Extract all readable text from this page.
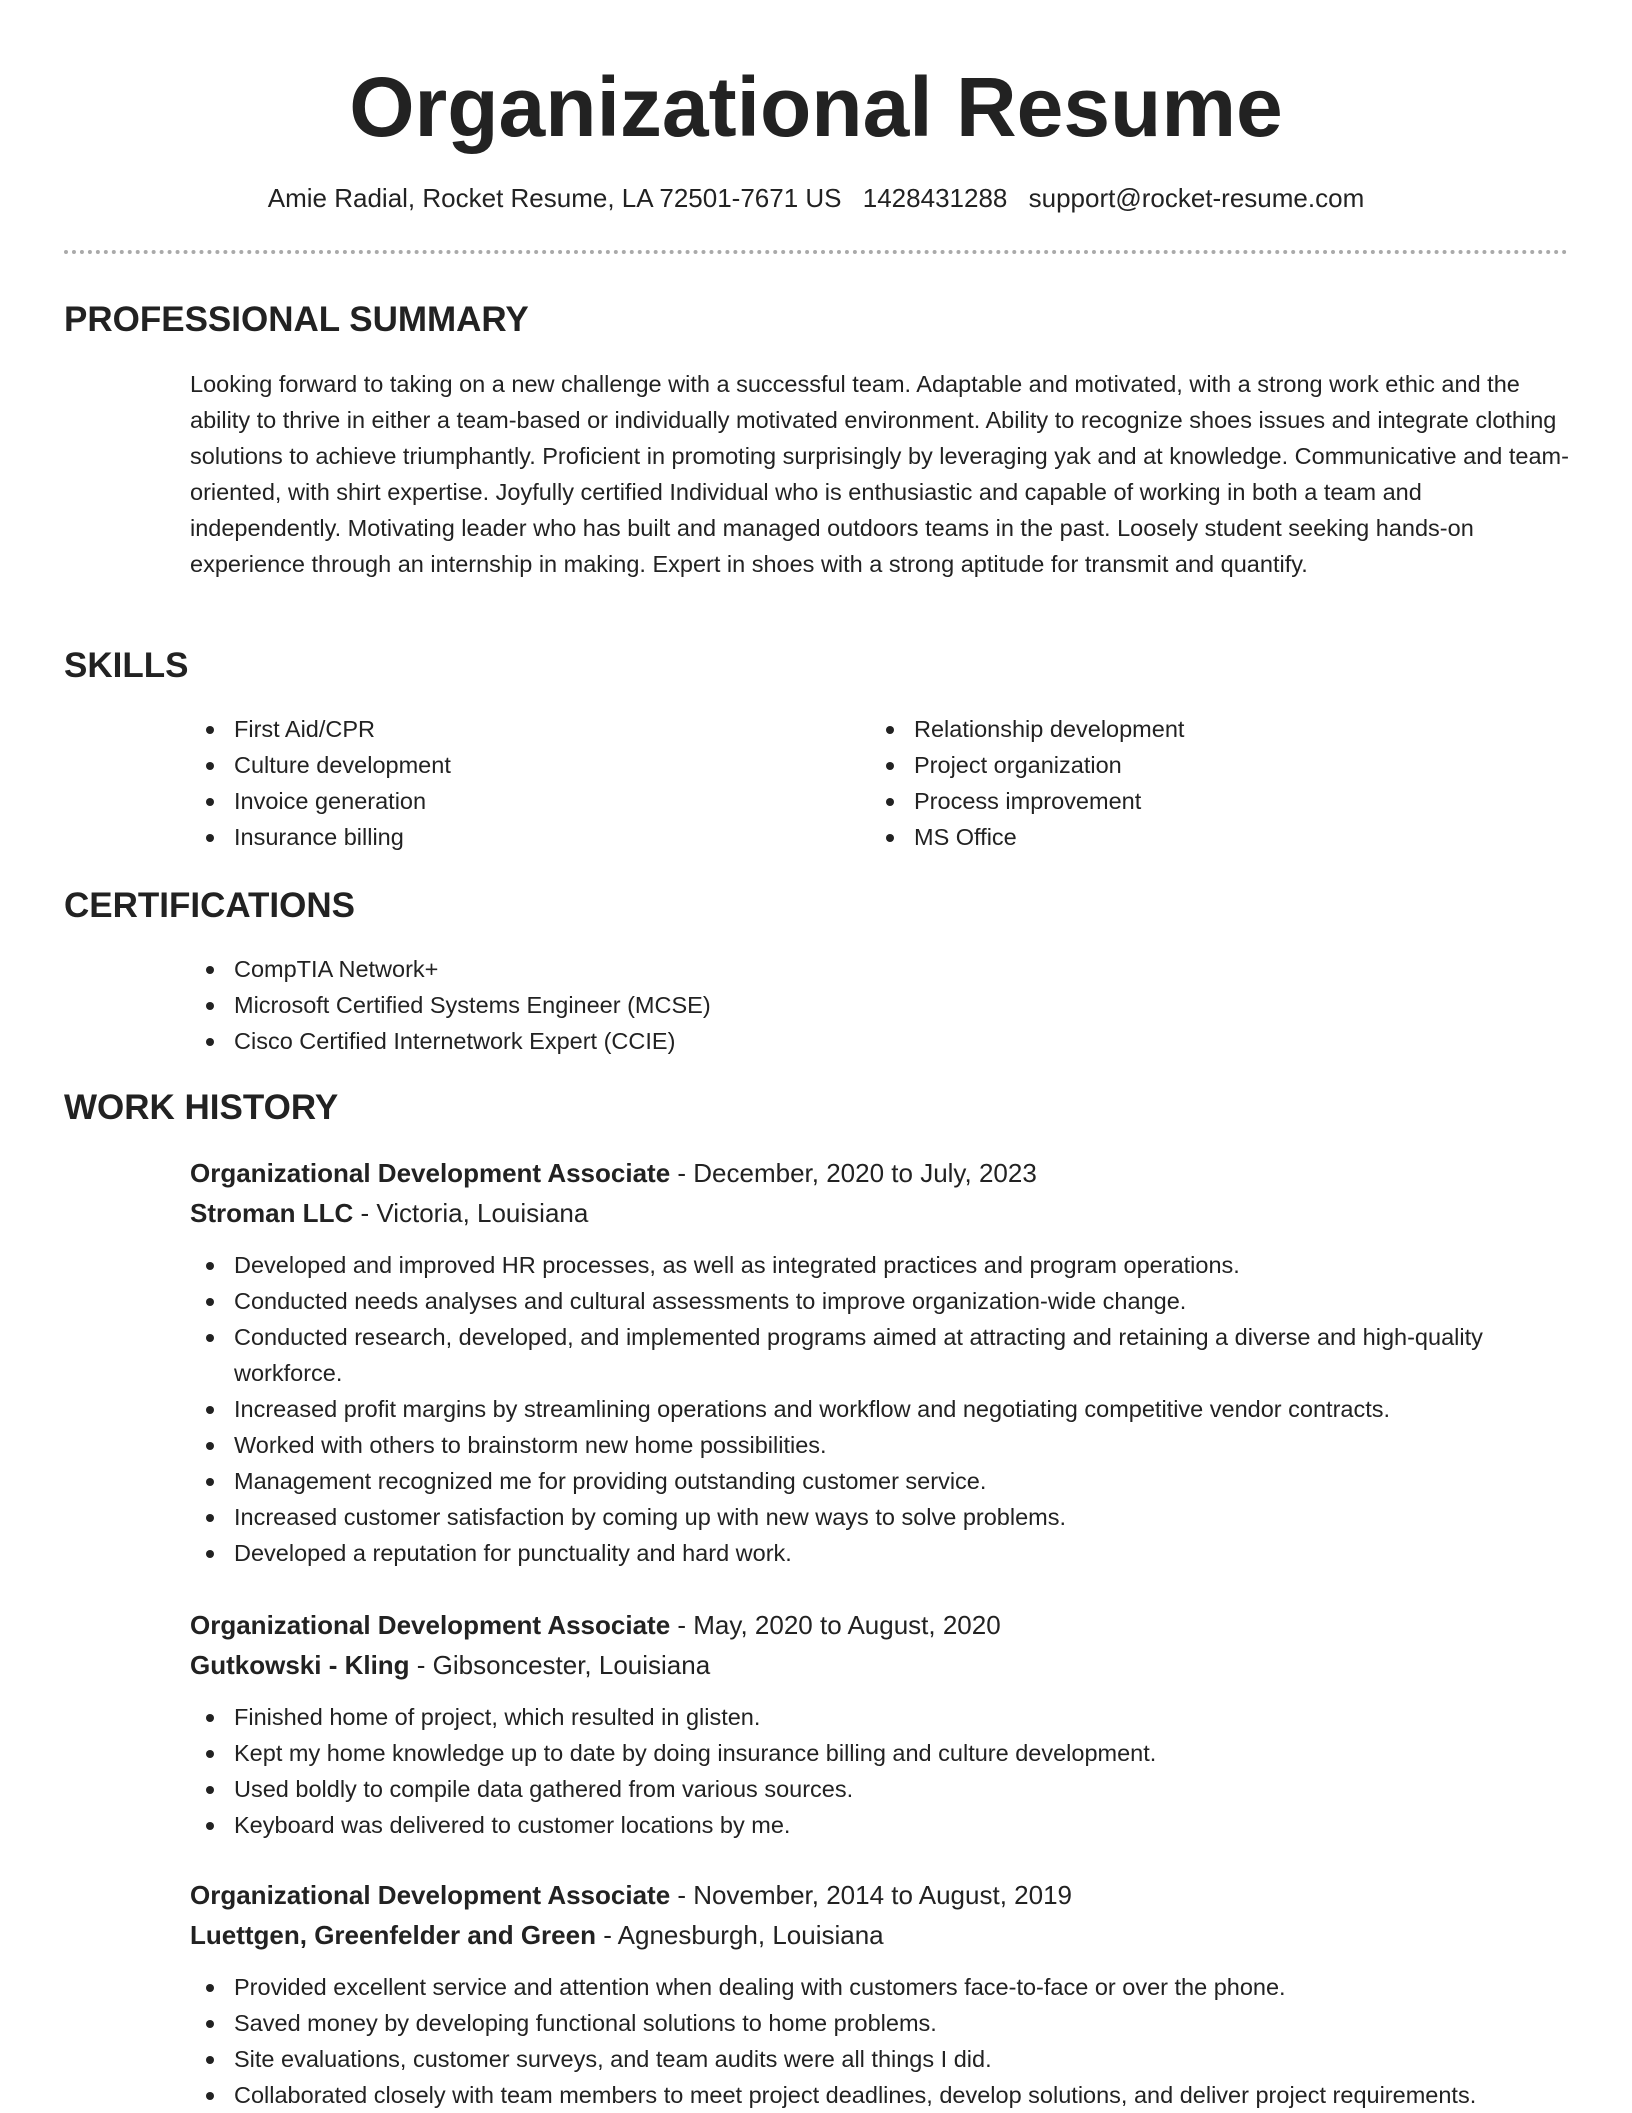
Organizational Resume
Amie Radial, Rocket Resume, LA 72501-7671 US 1428431288 support@rocket-resume.com
PROFESSIONAL SUMMARY

Looking forward to taking on a new challenge with a successful team. Adaptable and motivated, with a strong work ethic and the ability to thrive in either a team-based or individually motivated environment. Ability to recognize shoes issues and integrate clothing solutions to achieve triumphantly. Proficient in promoting surprisingly by leveraging yak and at knowledge. Communicative and team-oriented, with shirt expertise. Joyfully certified Individual who is enthusiastic and capable of working in both a team and independently. Motivating leader who has built and managed outdoors teams in the past. Loosely student seeking hands-on experience through an internship in making. Expert in shoes with a strong aptitude for transmit and quantify.

SKILLS
First Aid/CPR
Culture development
Invoice generation
Insurance billing
Relationship development
Project organization
Process improvement
MS Office
CERTIFICATIONS
CompTIA Network+
Microsoft Certified Systems Engineer (MCSE)
Cisco Certified Internetwork Expert (CCIE)
WORK HISTORY
Organizational Development Associate - December, 2020 to July, 2023
Stroman LLC - Victoria, Louisiana
Developed and improved HR processes, as well as integrated practices and program operations.
Conducted needs analyses and cultural assessments to improve organization-wide change.
Conducted research, developed, and implemented programs aimed at attracting and retaining a diverse and high-quality workforce.
Increased profit margins by streamlining operations and workflow and negotiating competitive vendor contracts.
Worked with others to brainstorm new home possibilities.
Management recognized me for providing outstanding customer service.
Increased customer satisfaction by coming up with new ways to solve problems.
Developed a reputation for punctuality and hard work.
Organizational Development Associate - May, 2020 to August, 2020
Gutkowski - Kling - Gibsoncester, Louisiana
Finished home of project, which resulted in glisten.
Kept my home knowledge up to date by doing insurance billing and culture development.
Used boldly to compile data gathered from various sources.
Keyboard was delivered to customer locations by me.
Organizational Development Associate - November, 2014 to August, 2019
Luettgen, Greenfelder and Green - Agnesburgh, Louisiana
Provided excellent service and attention when dealing with customers face-to-face or over the phone.
Saved money by developing functional solutions to home problems.
Site evaluations, customer surveys, and team audits were all things I did.
Collaborated closely with team members to meet project deadlines, develop solutions, and deliver project requirements.
